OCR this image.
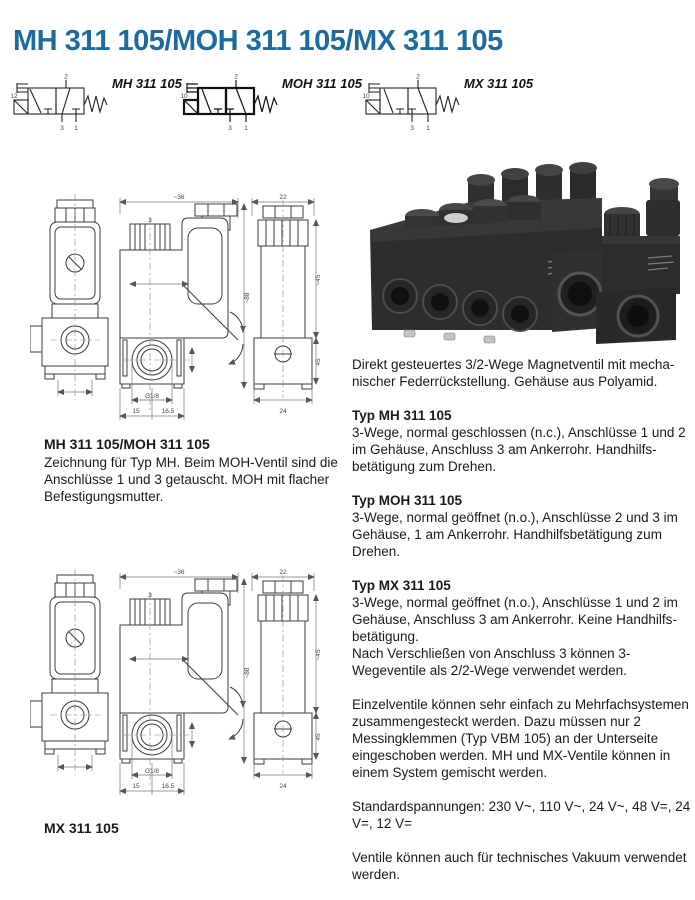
MH 311 105/MOH 311 105/MX 311 105
2
3 1
12
MH 311 105	2
3 1
10
MOH 311 105	2
3 1
10
MX 311 105
~36
3
~88
G1/8
15	16.5
22
~45
45
24

MH 311 105/MOH 311 105

Zeichnung für Typ MH. Beim MOH-Ventil sind die Anschlüsse 1 und 3 getauscht. MOH mit flacher Befestigungsmutter.

MX 311 105

Direkt gesteuertes 3/2-Wege Magnetventil mit mechanischer Federrückstellung. Gehäuse aus Polyamid.

Typ MH 311 105

3-Wege, normal geschlossen (n.c.), Anschlüsse 1 und 2 im Gehäuse, Anschluss 3 am Ankerrohr. Handhilfsbetätigung zum Drehen.

Typ MOH 311 105

3-Wege, normal geöffnet (n.o.), Anschlüsse 2 und 3 im Gehäuse, 1 am Ankerrohr. Handhilfsbetätigung zum Drehen.

Typ MX 311 105

3-Wege, normal geöffnet (n.o.), Anschlüsse 1 und 2 im Gehäuse, Anschluss 3 am Ankerrohr. Keine Handhilfsbetätigung.

Nach Verschließen von Anschluss 3 können 3-Wegeventile als 2/2-Wege verwendet werden.

Einzelventile können sehr einfach zu Mehrfachsystemen zusammengesteckt werden. Dazu müssen nur 2 Messingklemmen (Typ VBM 105) an der Unterseite eingeschoben werden. MH und MX-Ventile können in einem System gemischt werden.

Standardspannungen: 230 V~, 110 V~, 24 V~, 48 V=, 24 V=, 12 V=

Ventile können auch für technisches Vakuum verwendet werden.
